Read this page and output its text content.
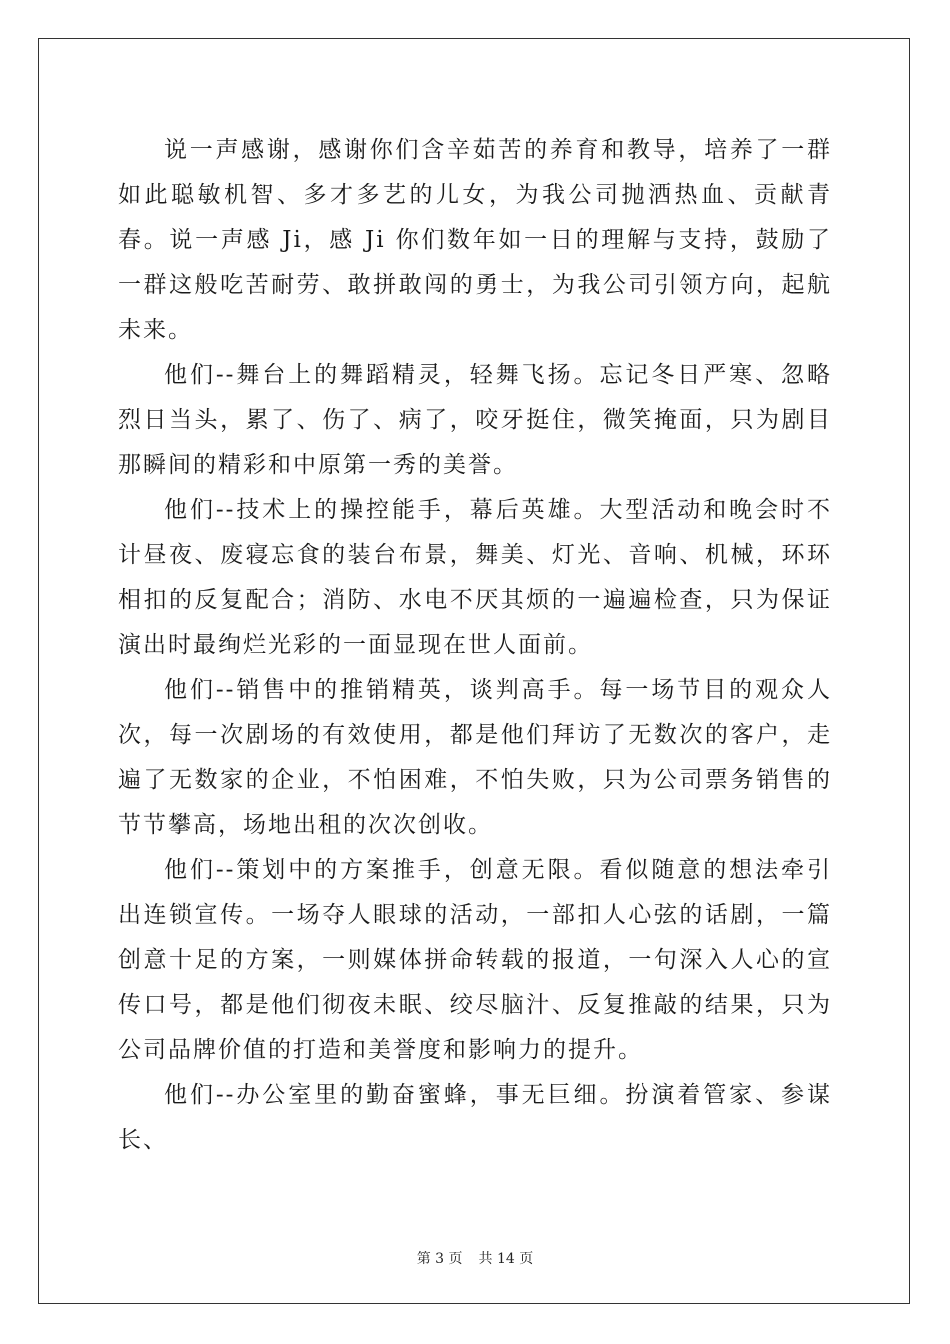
说一声感谢，感谢你们含辛茹苦的养育和教导，培养了一群如此聪敏机智、多才多艺的儿女，为我公司抛洒热血、贡献青春。说一声感 Ji，感 Ji 你们数年如一日的理解与支持，鼓励了一群这般吃苦耐劳、敢拼敢闯的勇士，为我公司引领方向，起航未来。

他们--舞台上的舞蹈精灵，轻舞飞扬。忘记冬日严寒、忽略烈日当头，累了、伤了、病了，咬牙挺住，微笑掩面，只为剧目那瞬间的精彩和中原第一秀的美誉。

他们--技术上的操控能手，幕后英雄。大型活动和晚会时不计昼夜、废寝忘食的装台布景，舞美、灯光、音响、机械，环环相扣的反复配合；消防、水电不厌其烦的一遍遍检查，只为保证演出时最绚烂光彩的一面显现在世人面前。

他们--销售中的推销精英，谈判高手。每一场节目的观众人次，每一次剧场的有效使用，都是他们拜访了无数次的客户，走遍了无数家的企业，不怕困难，不怕失败，只为公司票务销售的节节攀高，场地出租的次次创收。

他们--策划中的方案推手，创意无限。看似随意的想法牵引出连锁宣传。一场夺人眼球的活动，一部扣人心弦的话剧，一篇创意十足的方案，一则媒体拼命转载的报道，一句深入人心的宣传口号，都是他们彻夜未眠、绞尽脑汁、反复推敲的结果，只为公司品牌价值的打造和美誉度和影响力的提升。

他们--办公室里的勤奋蜜蜂，事无巨细。扮演着管家、参谋长、

第 3 页 共 14 页
